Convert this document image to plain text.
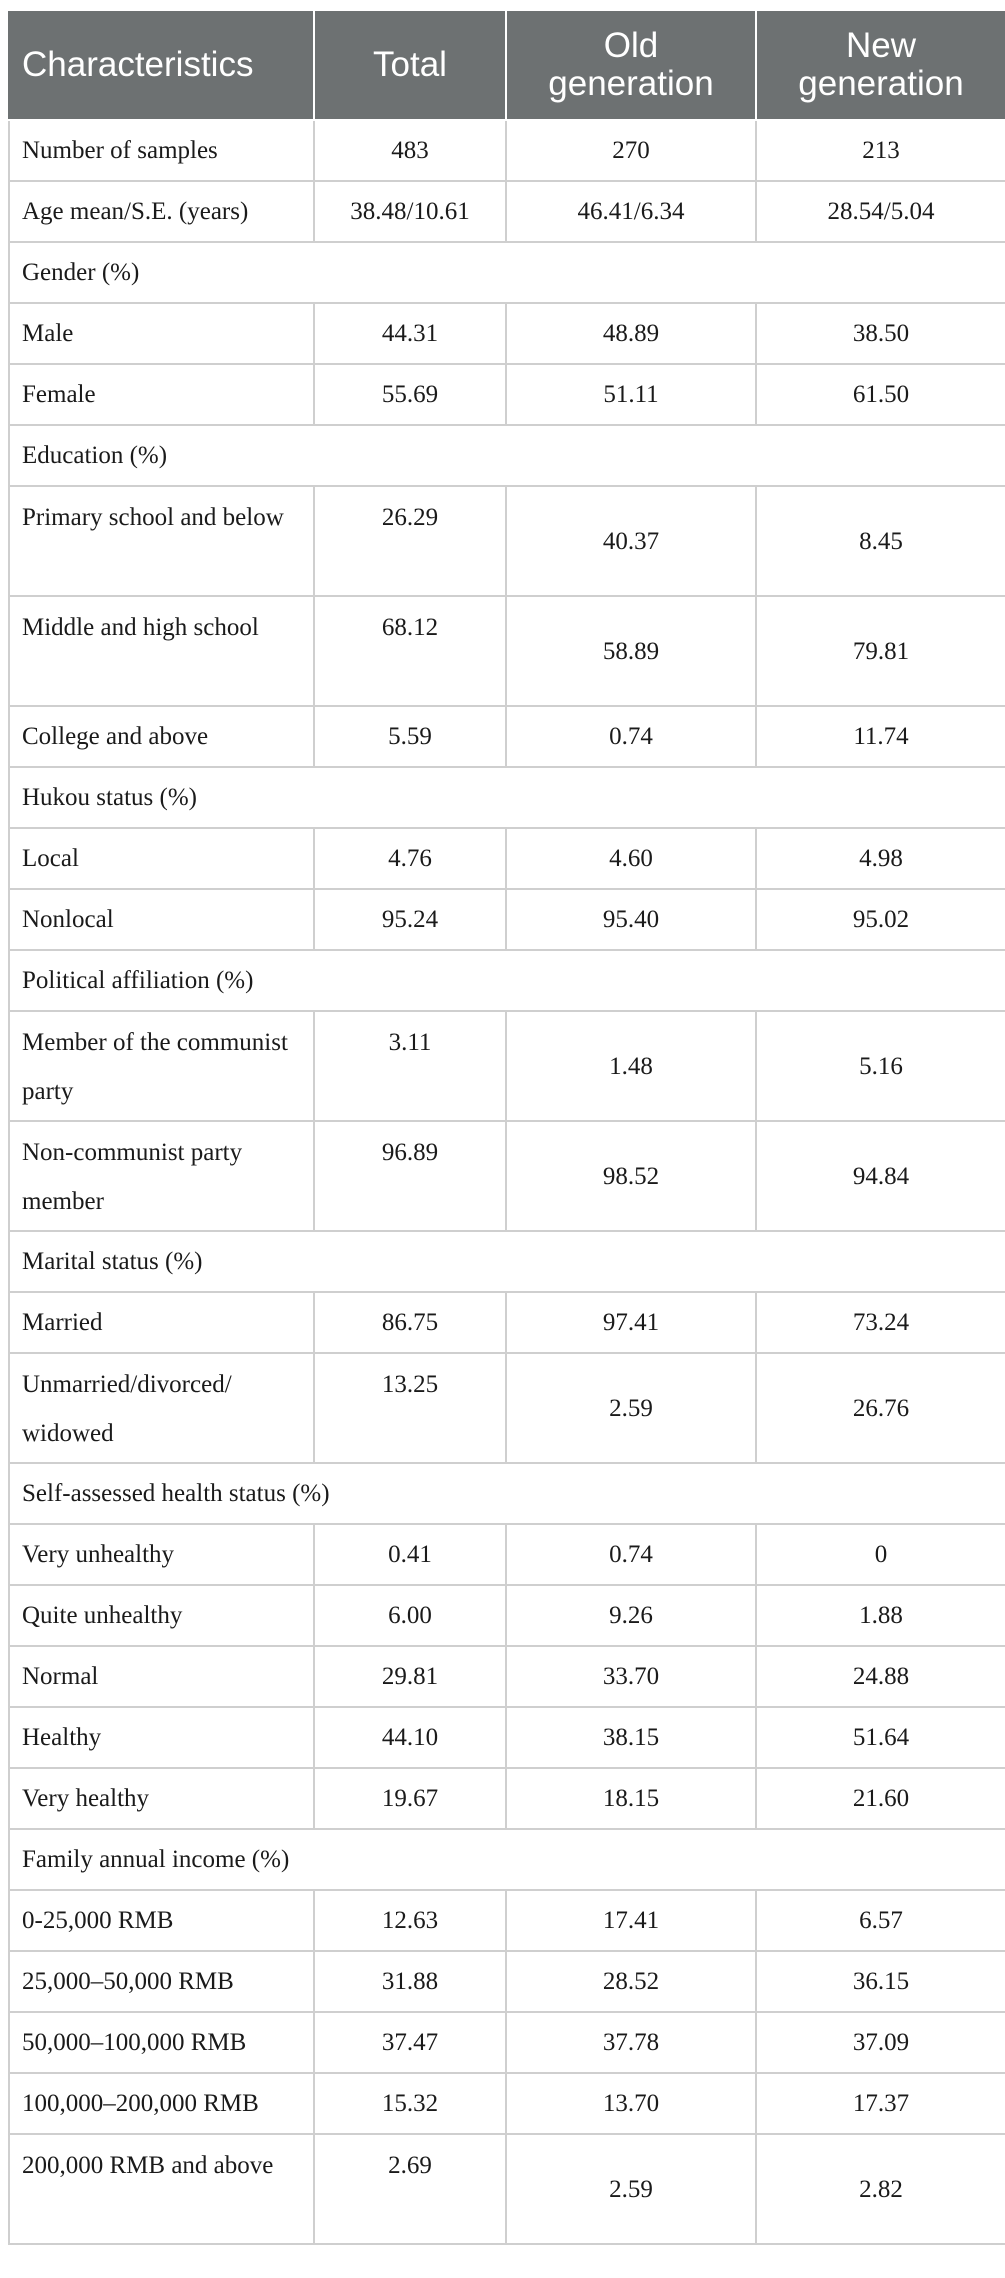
Characteristics	Total	Old generation	New generation
Number of samples	483	270	213
Age mean/S.E. (years)	38.48/10.61	46.41/6.34	28.54/5.04
Gender (%)			
Male	44.31	48.89	38.50
Female	55.69	51.11	61.50
Education (%)			
Primary school and below	26.29	40.37	8.45
Middle and high school	68.12	58.89	79.81
College and above	5.59	0.74	11.74
Hukou status (%)			
Local	4.76	4.60	4.98
Nonlocal	95.24	95.40	95.02
Political affiliation (%)			
Member of the communist party	3.11	1.48	5.16
Non-communist party member	96.89	98.52	94.84
Marital status (%)			
Married	86.75	97.41	73.24
Unmarried/divorced/ widowed	13.25	2.59	26.76
Self-assessed health status (%)			
Very unhealthy	0.41	0.74	0
Quite unhealthy	6.00	9.26	1.88
Normal	29.81	33.70	24.88
Healthy	44.10	38.15	51.64
Very healthy	19.67	18.15	21.60
Family annual income (%)			
0-25,000 RMB	12.63	17.41	6.57
25,000–50,000 RMB	31.88	28.52	36.15
50,000–100,000 RMB	37.47	37.78	37.09
100,000–200,000 RMB	15.32	13.70	17.37
200,000 RMB and above	2.69	2.59	2.82
